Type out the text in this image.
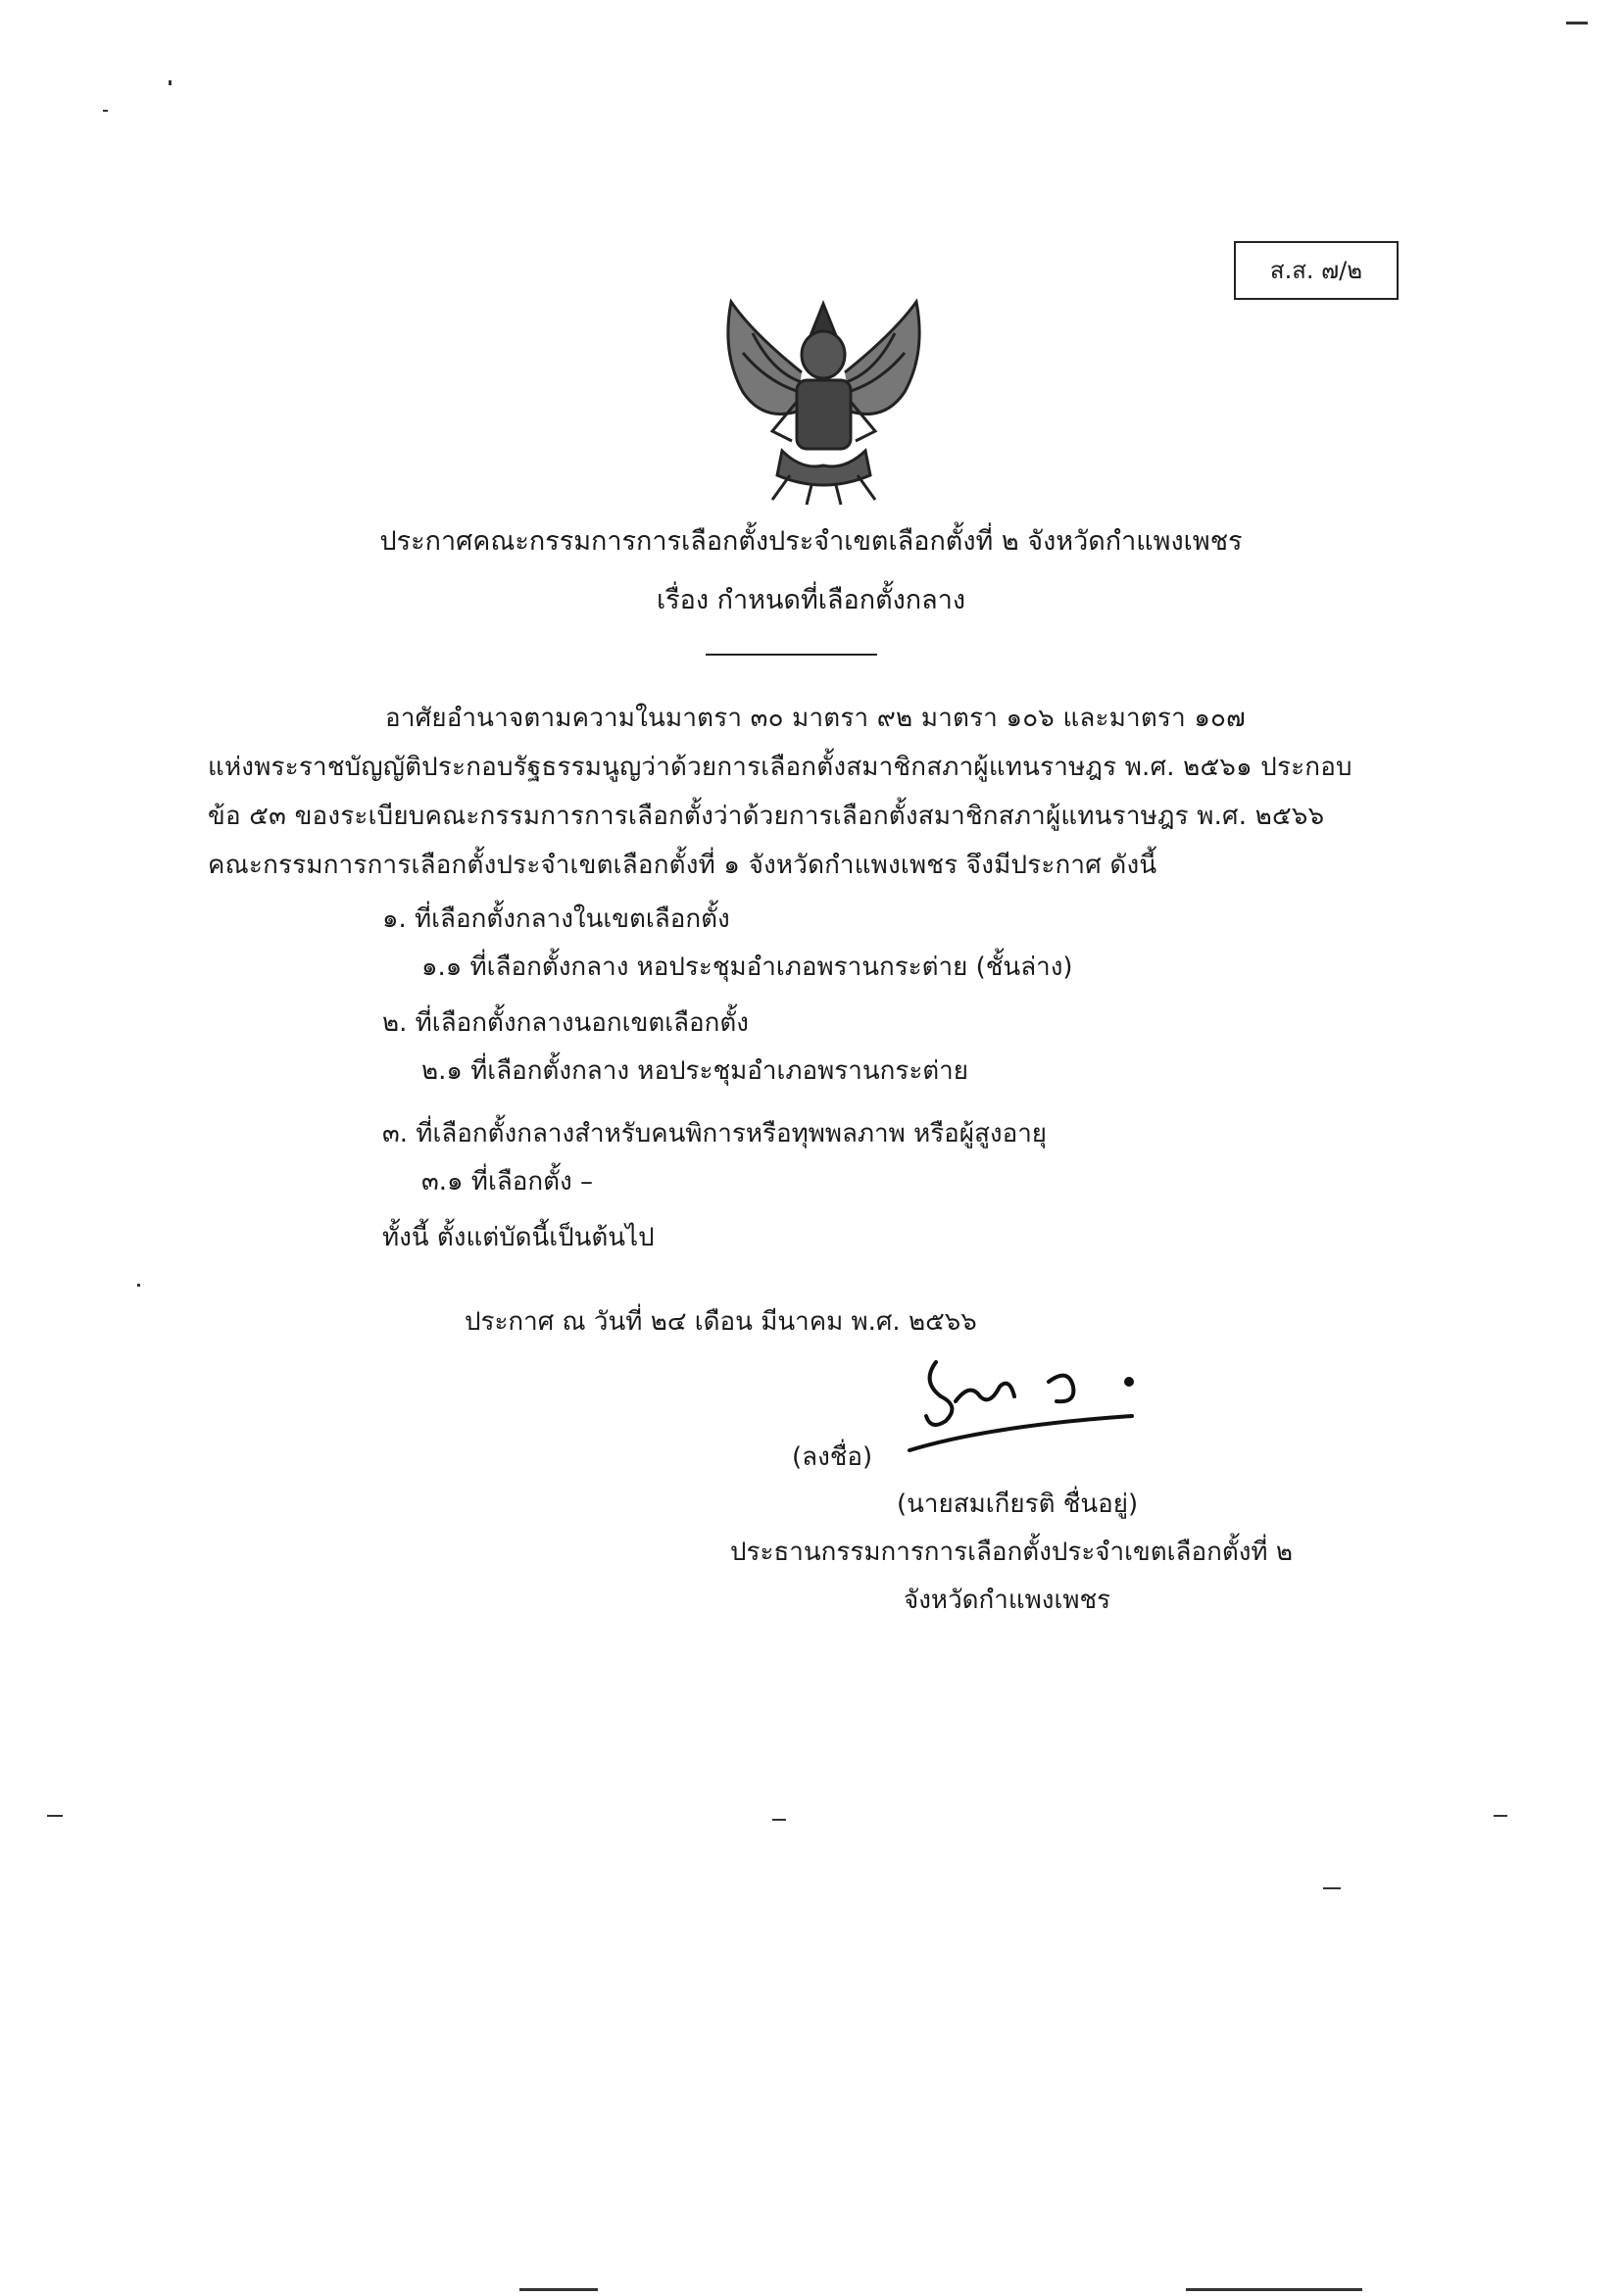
ส.ส. ๗/๒
ประกาศคณะกรรมการการเลือกตั้งประจำเขตเลือกตั้งที่ ๒ จังหวัดกำแพงเพชร
เรื่อง กำหนดที่เลือกตั้งกลาง
อาศัยอำนาจตามความในมาตรา ๓๐ มาตรา ๙๒ มาตรา ๑๐๖ และมาตรา ๑๐๗
แห่งพระราชบัญญัติประกอบรัฐธรรมนูญว่าด้วยการเลือกตั้งสมาชิกสภาผู้แทนราษฎร พ.ศ. ๒๕๖๑ ประกอบ
ข้อ ๕๓ ของระเบียบคณะกรรมการการเลือกตั้งว่าด้วยการเลือกตั้งสมาชิกสภาผู้แทนราษฎร พ.ศ. ๒๕๖๖
คณะกรรมการการเลือกตั้งประจำเขตเลือกตั้งที่ ๑ จังหวัดกำแพงเพชร จึงมีประกาศ ดังนี้
๑. ที่เลือกตั้งกลางในเขตเลือกตั้ง
๑.๑ ที่เลือกตั้งกลาง หอประชุมอำเภอพรานกระต่าย (ชั้นล่าง)
๒. ที่เลือกตั้งกลางนอกเขตเลือกตั้ง
๒.๑ ที่เลือกตั้งกลาง หอประชุมอำเภอพรานกระต่าย
๓. ที่เลือกตั้งกลางสำหรับคนพิการหรือทุพพลภาพ หรือผู้สูงอายุ
๓.๑ ที่เลือกตั้ง –
ทั้งนี้ ตั้งแต่บัดนี้เป็นต้นไป
ประกาศ ณ วันที่ ๒๔ เดือน มีนาคม พ.ศ. ๒๕๖๖
(ลงชื่อ)
(นายสมเกียรติ ชื่นอยู่)
ประธานกรรมการการเลือกตั้งประจำเขตเลือกตั้งที่ ๒
จังหวัดกำแพงเพชร
